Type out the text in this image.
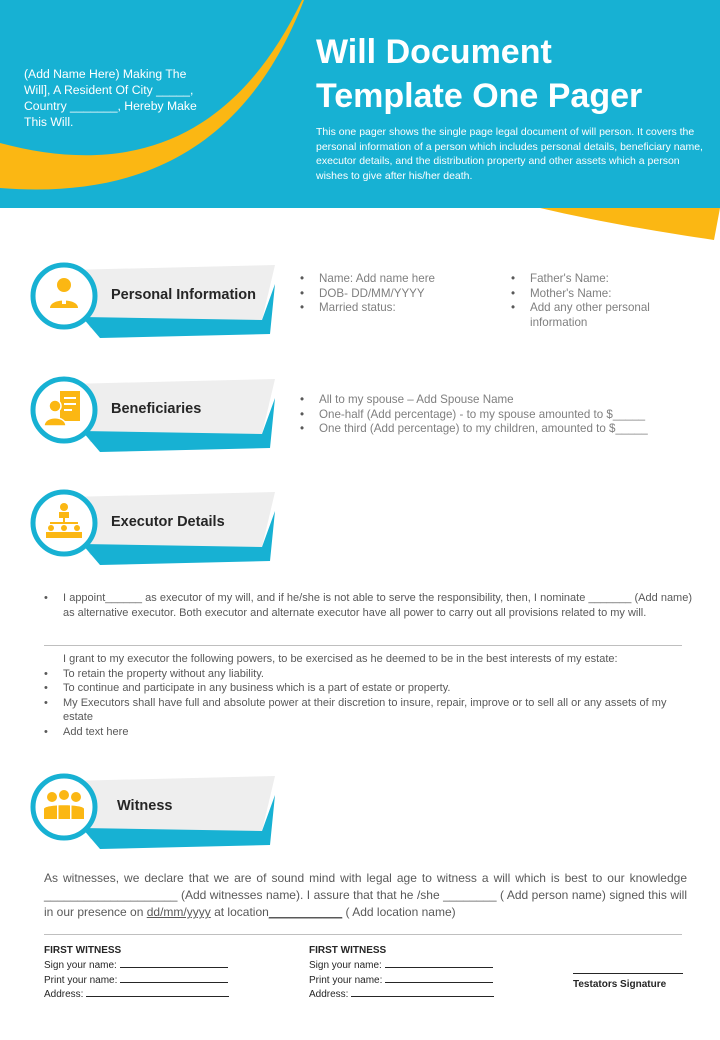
(Add Name Here) Making The Will], A Resident Of City _____, Country _______, Hereby Make This Will.
Will Document
Template One Pager
This one pager shows the single page legal document of will person. It covers the personal information of a person which includes personal details, beneficiary name, executor details, and the distribution property and other assets which a person wishes to give after his/her death.
Personal Information
• Name: Add name here
• DOB- DD/MM/YYYY
• Married status:
• Father's Name:
• Mother's Name:
• Add any other personal information
Beneficiaries
• All to my spouse – Add Spouse Name
• One-half (Add percentage) - to my spouse amounted to $_____
• One third (Add percentage) to my children, amounted to $_____
Executor Details
• I appoint______ as executor of my will, and if he/she is not able to serve the responsibility, then, I nominate _______ (Add name) as alternative executor. Both executor and alternate executor have all power to carry out all provisions related to my will.
I grant to my executor the following powers, to be exercised as he deemed to be in the best interests of my estate:
• To retain the property without any liability.
• To continue and participate in any business which is a part of estate or property.
• My Executors shall have full and absolute power at their discretion to insure, repair, improve or to sell all or any assets of my estate
• Add text here
Witness
As witnesses, we declare that we are of sound mind with legal age to witness a will which is best to our knowledge ____________________ (Add witnesses name). I assure that that he /she ________ ( Add person name) signed this will in our presence on dd/mm/yyyy at location___________ ( Add location name)
FIRST WITNESS
Sign your name:
Print your name:
Address:
FIRST WITNESS
Sign your name:
Print your name:
Address:
Testators Signature
